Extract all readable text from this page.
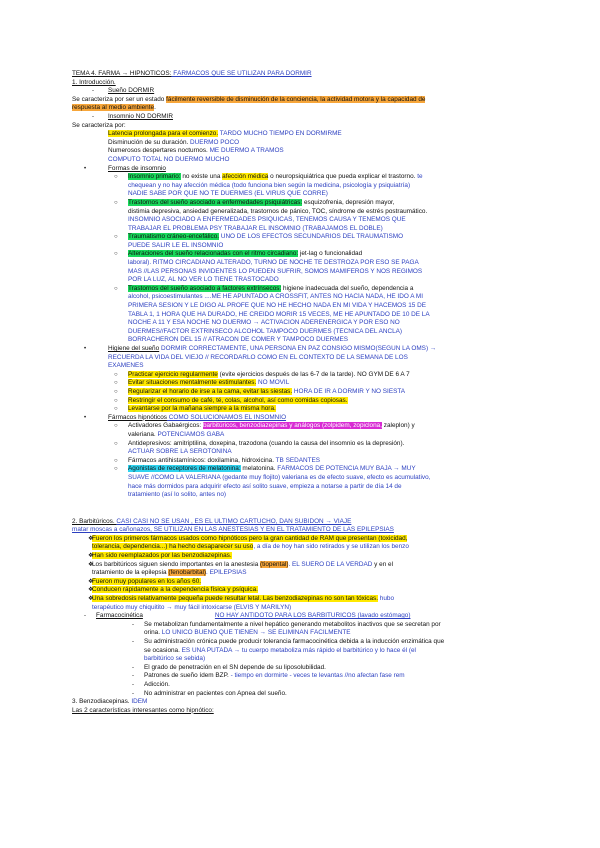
TEMA 4. FARMA → HIPNÓTICOS: FÁRMACOS QUE SE UTILIZAN PARA DORMIR
1. Introducción.
- Sueño DORMIR
Se caracteriza por ser un estado fácilmente reversible de disminución de la conciencia, la actividad motora y la capacidad de
respuesta al medio ambiente.
- Insomnio NO DORMIR
Se caracteriza por:
Latencia prolongada para el comienzo. TARDO MUCHO TIEMPO EN DORMIRME
Disminución de su duración. DUERMO POCO
Numerosos despertares nocturnos. ME DUERMO A TRAMOS
COMPUTO TOTAL NO DUERMO MUCHO
•	Formas de insomnio
○ Insomnio primario: no existe una afección médica o neuropsiquiátrica que pueda explicar el trastorno. te
chequean y no hay afección médica (todo funciona bien según la medicina, psicología y psiquiatría)
NADIE SABE POR QUÉ NO TE DUERMES (EL VIRUS QUE CORRE)
○ Trastornos del sueño asociado a enfermedades psiquiátricas: esquizofrenia, depresión mayor,
distimia depresiva, ansiedad generalizada, trastornos de pánico, TOC, síndrome de estrés postraumático.
INSOMNIO ASOCIADO A ENFERMEDADES PSIQUICAS, TENEMOS CAUSA Y TENEMOS QUE
TRABAJAR EL PROBLEMA PSY TRABAJAR EL INSOMNIO (TRABAJAMOS EL DOBLE)
○ Traumatismo cráneo-encefálico. UNO DE LOS EFECTOS SECUNDARIOS DEL TRAUMATISMO
PUEDE SALIR LE EL INSOMNIO
○ Alteraciones del sueño relacionadas con el ritmo circadiano: jet-lag o funcionalidad
laboral). RITMO CIRCADIANO ALTERADO, TURNO DE NOCHE TE DESTROZA POR ESO SE PAGA
MÁS //LAS PERSONAS INVIDENTES LO PUEDEN SUFRIR, SOMOS MAMÍFEROS Y NOS REGIMOS
POR LA LUZ, AL NO VER LO TIENE TRASTOCADO
○ Trastornos del sueño asociado a factores extrínsecos: higiene inadecuada del sueño, dependencia a
alcohol, psicoestimulantes ....ME HE APUNTADO A CROSSFIT, ANTES NO HACÍA NADA, HE IDO A MI
PRIMERA SESIÓN Y LE DIGO AL PROFE QUE NO HE HECHO NADA EN MI VIDA Y HACEMOS 15 DE
TABLA 1, 1 HORA QUE HA DURADO, HE CREIDO MORIR 15 VECES, ME HE APUNTADO DE 10 DE LA
NOCHE A 11 Y ESA NOCHE NO DUERMO → ACTIVACIÓN ADERENÉRGICA Y POR ESO NO
DUERMES//FACTOR EXTRÍNSECO ALCOHOL TAMPOCO DUERMES (TÉCNICA DEL ANCLA)
BORRACHERÓN DEL 15 // ATRACÓN DE COMER Y TAMPOCO DUERMES
•	Higiene del sueño DORMIR CORRECTAMENTE, UNA PERSONA EN PAZ CONSIGO MISMO(SEGÚN LA OMS) →
RECUERDA LA VIDA DEL VIEJO // RECORDARLO COMO EN EL CONTEXTO DE LA SEMANA DE LOS
EXÁMENES
○ Practicar ejercicio regularmente (evite ejercicios después de las 6-7 de la tarde). NO GYM DE 6 A 7
○ Evitar situaciones mentalmente estimulantes. NO MÓVIL
○ Regularizar el horario de irse a la cama, evitar las siestas. HORA DE IR A DORMIR Y NO SIESTA
○ Restringir el consumo de café, té, colas, alcohol, así como comidas copiosas.
○ Levantarse por la mañana siempre a la misma hora.
•	Fármacos hipnóticos CÓMO SOLUCIONAMOS EL INSOMNIO
○ Activadores Gabaérgicos: barbitúricos, benzodiazepinas y análogos (zolpidem, zopiclona, zaleplon) y
valeriana. POTENCIAMOS GABA
○ Antidepresivos: amitriptilina, doxepina, trazodona (cuando la causa del insomnio es la depresión).
ACTUAR SOBRE LA SEROTONINA
○ Fármacos antihistamínicos: doxilamina, hidroxicina. TB SEDANTES
○ Agonistas de receptores de melatonina: melatonina. FÁRMACOS DE POTENCIA MUY BAJA → MUY
SUAVE //COMO LA VALERIANA (gedante muy flojito) valeriana es de efecto suave, efecto es acumulativo,
hace más dormidos para adquirir efecto así solito suave, empieza a notarse a partir de día 14 de
tratamiento (así lo solito, antes no)
2. Barbitúricos. CASI CASI NO SE USAN , ES EL ÚLTIMO CARTUCHO, DAN SUBIDÓN → VIAJE
matar moscas a cañonazos, SE UTILIZAN EN LAS ANESTESIAS Y EN EL TRATAMIENTO DE LAS EPILEPSIAS
❖
Fueron los primeros fármacos usados como hipnóticos pero la gran cantidad de RAM que presentan (toxicidad,
tolerancia, dependencia...) ha hecho desaparecer su uso, a día de hoy han sido retirados y se utilizan los benzo
❖
Han sido reemplazados por las benzodiazepinas.
❖
Los barbitúricos siguen siendo importantes en la anestesia (tiopental). EL SUERO DE LA VERDAD y en el
tratamiento de la epilepsia (fenobarbital). EPILEPSIAS
❖
Fueron muy populares en los años 60.
❖
Conducen rápidamente a la dependencia física y psíquica.
❖
Una sobredosis relativamente pequeña puede resultar letal. Las benzodiazepinas no son tan tóxicas. hubo
terapéutico muy chiquitito → muy fácil intoxicarse (ELVIS Y MARILYN)
- Farmacocinética	NO HAY ANTIDOTO PARA LOS BARBITÚRICOS (lavado estómago)
- Se metabolizan fundamentalmente a nivel hepático generando metabolitos inactivos que se secretan por
orina. LO ÚNICO BUENO QUE TIENEN → SE ELIMINAN FÁCILMENTE
- Su administración crónica puede producir tolerancia farmacocinética debida a la inducción enzimática que
se ocasiona. ES UNA PUTADA → tu cuerpo metaboliza más rápido el barbitúrico y lo hace él (el
barbitúrico se sebida)
- El grado de penetración en el SN depende de su liposolubilidad.
- Patrones de sueño ídem BZP. - tiempo en dormirte - veces te levantas //no afectan fase rem
- Adicción.
- No administrar en pacientes con Apnea del sueño.
3. Benzodiacepinas. IDEM
Las 2 características interesantes como hipnótico:
